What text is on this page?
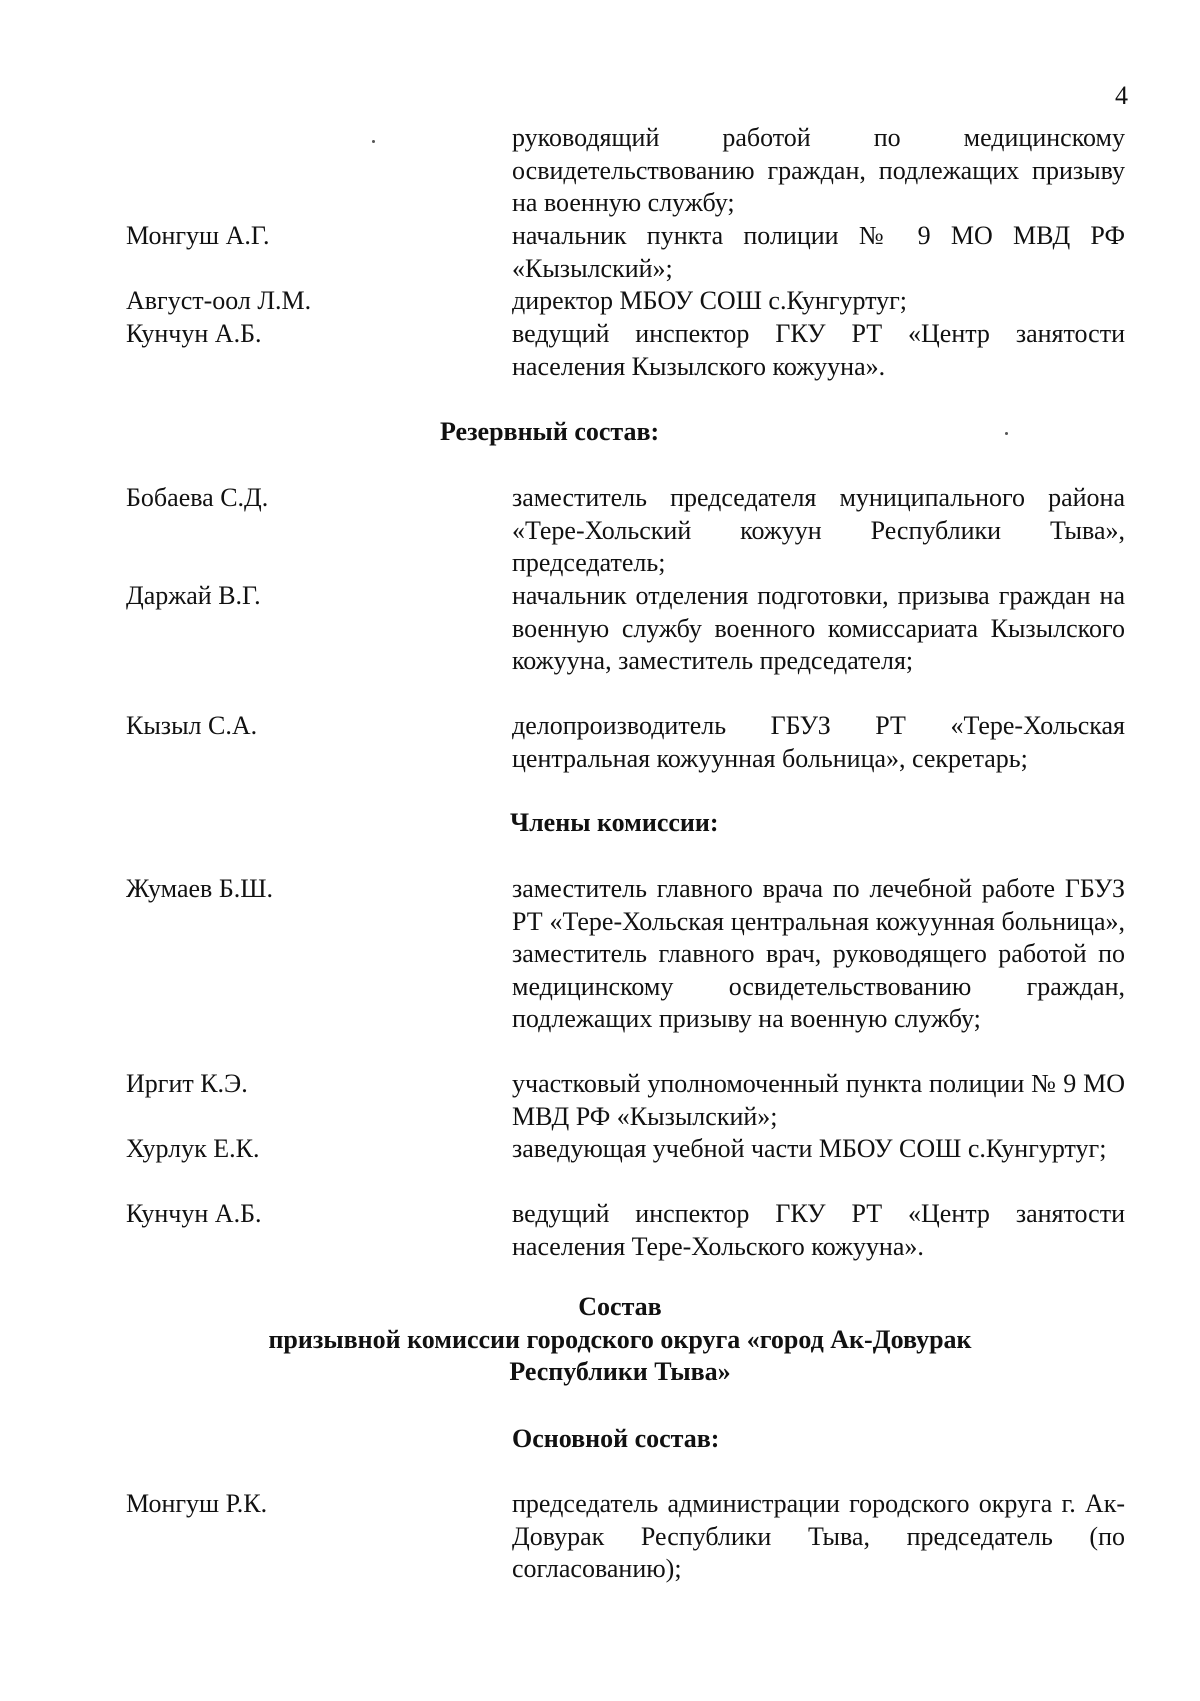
4
руководящий работой по медицинскому освидетельствованию граждан, подлежащих призыву на военную службу;
Монгуш А.Г.	начальник пункта полиции № 9 МО МВД РФ «Кызылский»;
Август-оол Л.М.	директор МБОУ СОШ с.Кунгуртуг;
Кунчун А.Б.	ведущий инспектор ГКУ РТ «Центр занятости населения Кызылского кожууна».
Резервный состав:
Бобаева С.Д.	заместитель председателя муниципального района «Тере-Хольский кожуун Республики Тыва», председатель;
Даржай В.Г.	начальник отделения подготовки, призыва граждан на военную службу военного комиссариата Кызылского кожууна, заместитель председателя;
Кызыл С.А.	делопроизводитель ГБУЗ РТ «Тере-Хольская центральная кожуунная больница», секретарь;
Члены комиссии:
Жумаев Б.Ш.	заместитель главного врача по лечебной работе ГБУЗ РТ «Тере-Хольская центральная кожуунная больница», заместитель главного врач, руководящего работой по медицинскому освидетельствованию граждан, подлежащих призыву на военную службу;
Иргит К.Э.	участковый уполномоченный пункта полиции № 9 МО МВД РФ «Кызылский»;
Хурлук Е.К.	заведующая учебной части МБОУ СОШ с.Кунгуртуг;
Кунчун А.Б.	ведущий инспектор ГКУ РТ «Центр занятости населения Тере-Хольского кожууна».
Состав
призывной комиссии городского округа «город Ак-Довурак
Республики Тыва»
Основной состав:
Монгуш Р.К.	председатель администрации городского округа г. Ак-Довурак Республики Тыва, председатель (по согласованию);
